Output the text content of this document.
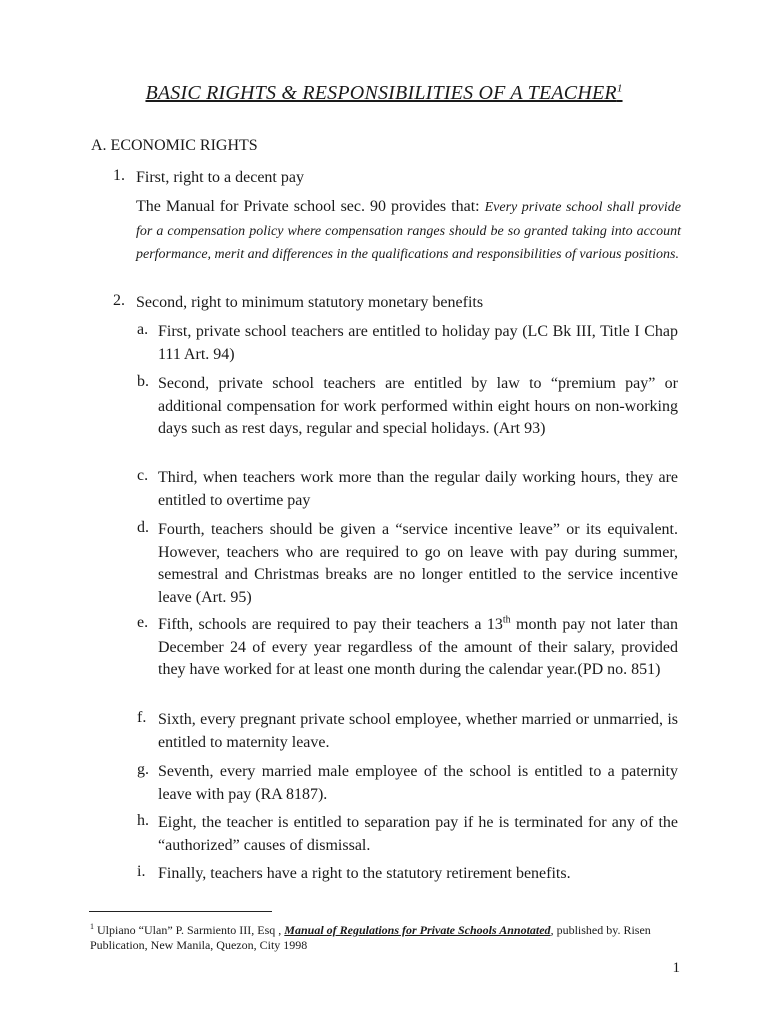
BASIC RIGHTS & RESPONSIBILITIES OF A TEACHER$^1$
A. ECONOMIC RIGHTS
1. First, right to a decent pay
The Manual for Private school sec. 90 provides that: Every private school shall provide for a compensation policy where compensation ranges should be so granted taking into account performance, merit and differences in the qualifications and responsibilities of various positions.
2. Second, right to minimum statutory monetary benefits
a. First, private school teachers are entitled to holiday pay (LC Bk III, Title I Chap 111 Art. 94)
b. Second, private school teachers are entitled by law to “premium pay” or additional compensation for work performed within eight hours on non-working days such as rest days, regular and special holidays. (Art 93)
c. Third, when teachers work more than the regular daily working hours, they are entitled to overtime pay
d. Fourth, teachers should be given a “service incentive leave” or its equivalent. However, teachers who are required to go on leave with pay during summer, semestral and Christmas breaks are no longer entitled to the service incentive leave (Art. 95)
e. Fifth, schools are required to pay their teachers a 13th month pay not later than December 24 of every year regardless of the amount of their salary, provided they have worked for at least one month during the calendar year.(PD no. 851)
f. Sixth, every pregnant private school employee, whether married or unmarried, is entitled to maternity leave.
g. Seventh, every married male employee of the school is entitled to a paternity leave with pay (RA 8187).
h. Eight, the teacher is entitled to separation pay if he is terminated for any of the “authorized” causes of dismissal.
i. Finally, teachers have a right to the statutory retirement benefits.
$^1$ Ulpiano “Ulan” P. Sarmiento III, Esq , Manual of Regulations for Private Schools Annotated, published by. Risen Publication, New Manila, Quezon, City 1998
1
